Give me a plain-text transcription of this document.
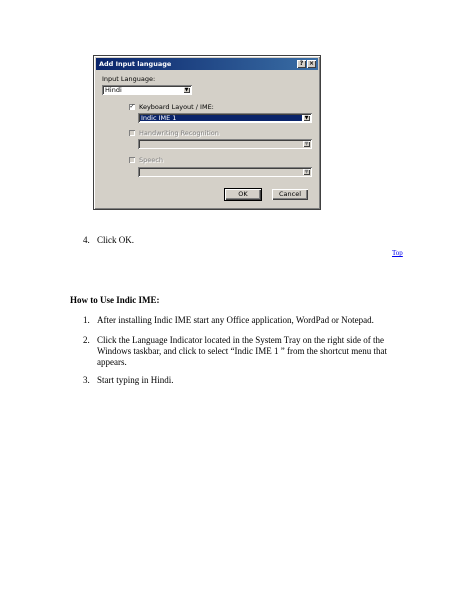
Add Input language	? ×
Input Language:
Hindi	▼
✓ Keyboard Layout / IME:
Indic IME 1	▼
Handwriting Recognition
▼
Speech
▼
OK	Cancel
4. Click OK.
Top
How to Use Indic IME:
1. After installing Indic IME start any Office application, WordPad or Notepad.
2. Click the Language Indicator located in the System Tray on the right side of the
Windows taskbar, and click to select “Indic IME 1 ” from the shortcut menu that
appears.
3. Start typing in Hindi.
